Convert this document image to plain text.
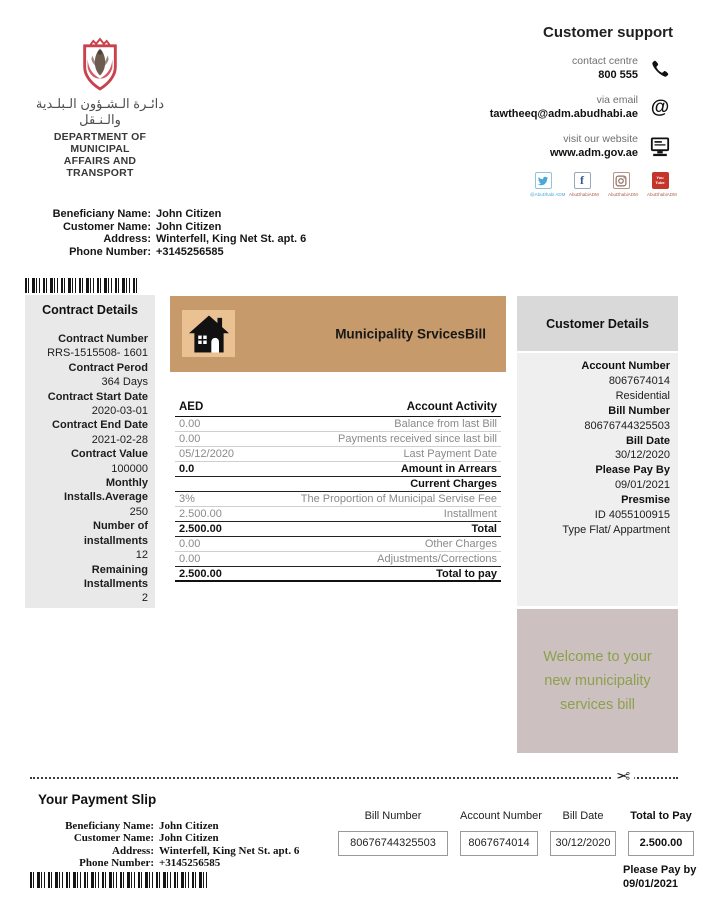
دائـرة الـشـؤون الـبلـدية والـنـقل
DEPARTMENT OF MUNICIPAL
AFFAIRS AND TRANSPORT
Customer support
contact centre
800 555
via email
tawtheeq@adm.abudhabi.ae @
visit our website
www.adm.gov.ae
@AbuDhabi ADM
f
AbuDhabiADM AbuDhabiADM
You
Tube
AbuDhabiADM
Beneficiany Name: John Citizen
Customer Name: John Citizen
Address: Winterfell, King Net St. apt. 6
Phone Number: +3145256585
Contract Details
Contract Number
RRS-1515508- 1601
Contract Perod
364 Days
Contract Start Date
2020-03-01
Contract End Date
2021-02-28
Contract Value
100000
Monthly Installs.Average
250
Number of installments
12
Remaining Installments
2
Municipality SrvicesBill
AED	Account Activity
0.00	Balance from last Bill
0.00	Payments received since last bill
05/12/2020	Last Payment Date
0.0	Amount in Arrears
Current Charges
3%	The Proportion of Municipal Servise Fee
2.500.00	Installment
2.500.00	Total
0.00	Other Charges
0.00	Adjustments/Corrections
2.500.00	Total to pay
Customer Details
Account Number
8067674014
Residential
Bill Number
80676744325503
Bill Date
30/12/2020
Please Pay By
09/01/2021
Presmise
ID 4055100915
Type Flat/ Appartment
Welcome to your new municipality services bill
✂
Your Payment Slip
Beneficiany Name: John Citizen
Customer Name: John Citizen
Address: Winterfell, King Net St. apt. 6
Phone Number: +3145256585
Bill Number
80676744325503
Account Number
8067674014
Bill Date
30/12/2020
Total to Pay
2.500.00
Please Pay by
09/01/2021
